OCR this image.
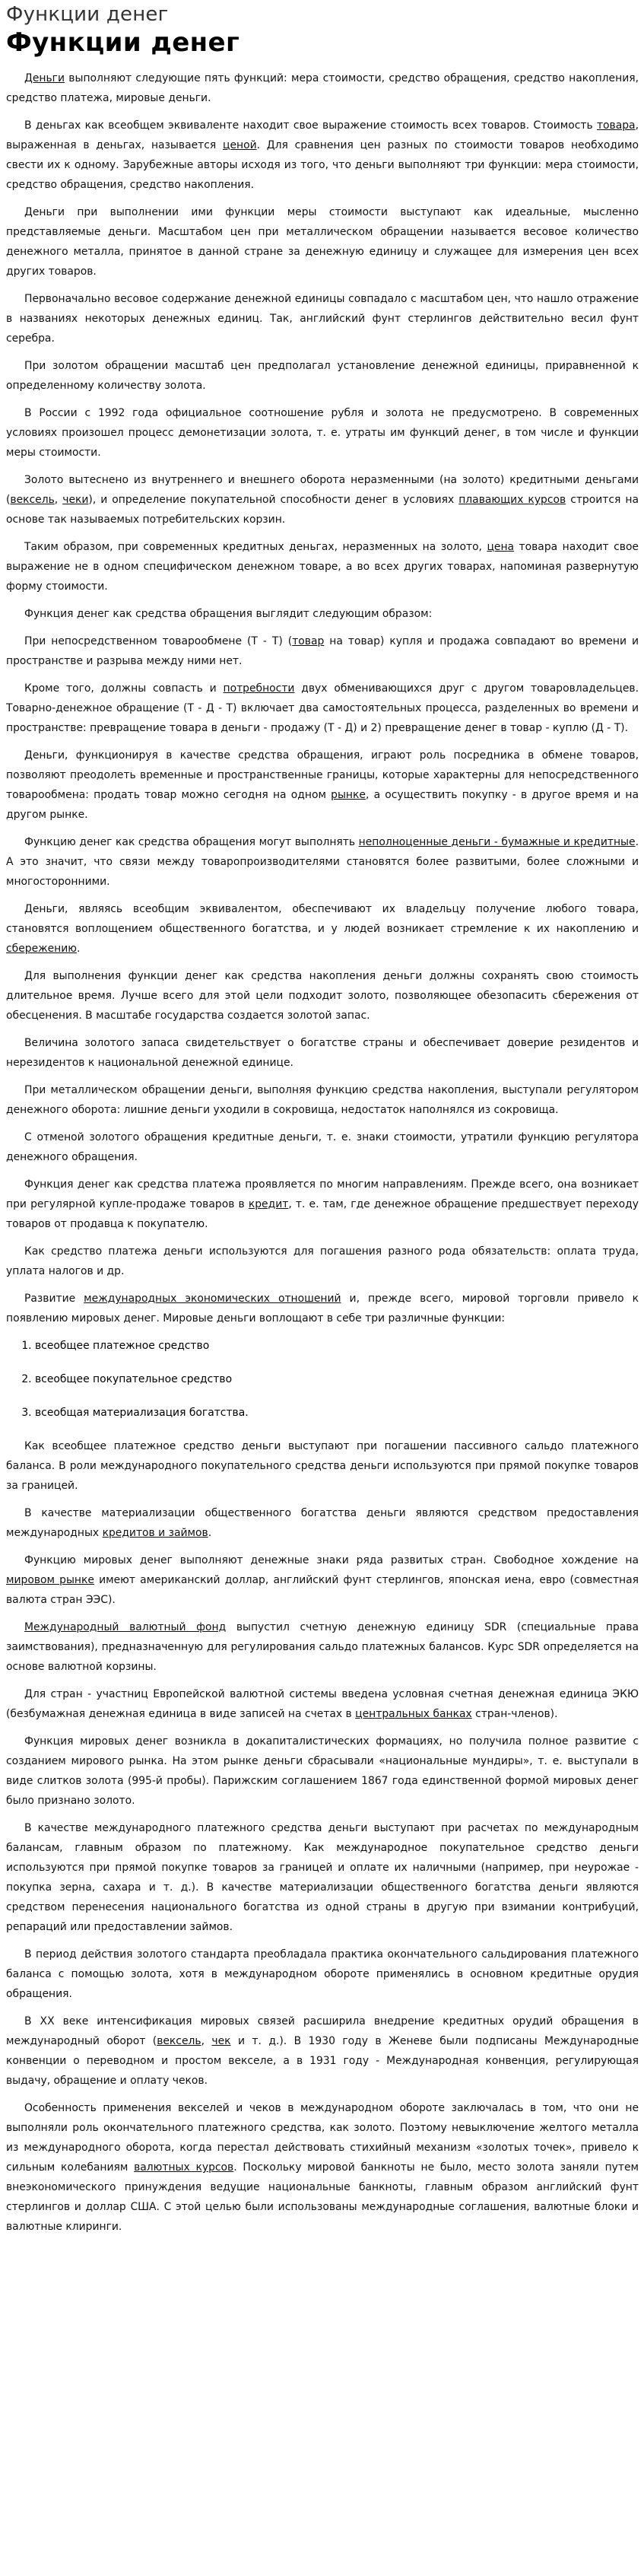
Функции денег
Функции денег

Деньги выполняют следующие пять функций: мера стоимости, средство обращения, средство накопления, средство платежа, мировые деньги.

В деньгах как всеобщем эквиваленте находит свое выражение стоимость всех товаров. Стоимость товара, выраженная в деньгах, называется ценой. Для сравнения цен разных по стоимости товаров необходимо свести их к одному. Зарубежные авторы исходя из того, что деньги выполняют три функции: мера стоимости, средство обращения, средство накопления.

Деньги при выполнении ими функции меры стоимости выступают как идеальные, мысленно представляемые деньги. Масштабом цен при металлическом обращении называется весовое количество денежного металла, принятое в данной стране за денежную единицу и служащее для измерения цен всех других товаров.

Первоначально весовое содержание денежной единицы совпадало с масштабом цен, что нашло отражение в названиях некоторых денежных единиц. Так, английский фунт стерлингов действительно весил фунт серебра.

При золотом обращении масштаб цен предполагал установление денежной единицы, приравненной к определенному количеству золота.

В России с 1992 года официальное соотношение рубля и золота не предусмотрено. В современных условиях произошел процесс демонетизации золота, т. е. утраты им функций денег, в том числе и функции меры стоимости.

Золото вытеснено из внутреннего и внешнего оборота неразменными (на золото) кредитными деньгами (вексель, чеки), и определение покупательной способности денег в условиях плавающих курсов строится на основе так называемых потребительских корзин.

Таким образом, при современных кредитных деньгах, неразменных на золото, цена товара находит свое выражение не в одном специфическом денежном товаре, а во всех других товарах, напоминая развернутую форму стоимости.

Функция денег как средства обращения выглядит следующим образом:

При непосредственном товарообмене (Т - Т) (товар на товар) купля и продажа совпадают во времени и пространстве и разрыва между ними нет.

Кроме того, должны совпасть и потребности двух обменивающихся друг с другом товаровладельцев. Товарно-денежное обращение (Т - Д - Т) включает два самостоятельных процесса, разделенных во времени и пространстве: превращение товара в деньги - продажу (Т - Д) и 2) превращение денег в товар - куплю (Д - Т).

Деньги, функционируя в качестве средства обращения, играют роль посредника в обмене товаров, позволяют преодолеть временные и пространственные границы, которые характерны для непосредственного товарообмена: продать товар можно сегодня на одном рынке, а осуществить покупку - в другое время и на другом рынке.

Функцию денег как средства обращения могут выполнять неполноценные деньги - бумажные и кредитные. А это значит, что связи между товаропроизводителями становятся более развитыми, более сложными и многосторонними.

Деньги, являясь всеобщим эквивалентом, обеспечивают их владельцу получение любого товара, становятся воплощением общественного богатства, и у людей возникает стремление к их накоплению и сбережению.

Для выполнения функции денег как средства накопления деньги должны сохранять свою стоимость длительное время. Лучше всего для этой цели подходит золото, позволяющее обезопасить сбережения от обесценения. В масштабе государства создается золотой запас.

Величина золотого запаса свидетельствует о богатстве страны и обеспечивает доверие резидентов и нерезидентов к национальной денежной единице.

При металлическом обращении деньги, выполняя функцию средства накопления, выступали регулятором денежного оборота: лишние деньги уходили в сокровища, недостаток наполнялся из сокровища.

С отменой золотого обращения кредитные деньги, т. е. знаки стоимости, утратили функцию регулятора денежного обращения.

Функция денег как средства платежа проявляется по многим направлениям. Прежде всего, она возникает при регулярной купле-продаже товаров в кредит, т. е. там, где денежное обращение предшествует переходу товаров от продавца к покупателю.

Как средство платежа деньги используются для погашения разного рода обязательств: оплата труда, уплата налогов и др.

Развитие международных экономических отношений и, прежде всего, мировой торговли привело к появлению мировых денег. Мировые деньги воплощают в себе три различные функции:

1. всеобщее платежное средство
2. всеобщее покупательное средство
3. всеобщая материализация богатства.

Как всеобщее платежное средство деньги выступают при погашении пассивного сальдо платежного баланса. В роли международного покупательного средства деньги используются при прямой покупке товаров за границей.

В качестве материализации общественного богатства деньги являются средством предоставления международных кредитов и займов.

Функцию мировых денег выполняют денежные знаки ряда развитых стран. Свободное хождение на мировом рынке имеют американский доллар, английский фунт стерлингов, японская иена, евро (совместная валюта стран ЭЭС).

Международный валютный фонд выпустил счетную денежную единицу SDR (специальные права заимствования), предназначенную для регулирования сальдо платежных балансов. Курс SDR определяется на основе валютной корзины.

Для стран - участниц Европейской валютной системы введена условная счетная денежная единица ЭКЮ (безбумажная денежная единица в виде записей на счетах в центральных банках стран-членов).

Функция мировых денег возникла в докапиталистических формациях, но получила полное развитие с созданием мирового рынка. На этом рынке деньги сбрасывали «национальные мундиры», т. е. выступали в виде слитков золота (995-й пробы). Парижским соглашением 1867 года единственной формой мировых денег было признано золото.

В качестве международного платежного средства деньги выступают при расчетах по международным балансам, главным образом по платежному. Как международное покупательное средство деньги используются при прямой покупке товаров за границей и оплате их наличными (например, при неурожае - покупка зерна, сахара и т. д.). В качестве материализации общественного богатства деньги являются средством перенесения национального богатства из одной страны в другую при взимании контрибуций, репараций или предоставлении займов.

В период действия золотого стандарта преобладала практика окончательного сальдирования платежного баланса с помощью золота, хотя в международном обороте применялись в основном кредитные орудия обращения.

В XX веке интенсификация мировых связей расширила внедрение кредитных орудий обращения в международный оборот (вексель, чек и т. д.). В 1930 году в Женеве были подписаны Международные конвенции о переводном и простом векселе, а в 1931 году - Международная конвенция, регулирующая выдачу, обращение и оплату чеков.

Особенность применения векселей и чеков в международном обороте заключалась в том, что они не выполняли роль окончательного платежного средства, как золото. Поэтому невыключение желтого металла из международного оборота, когда перестал действовать стихийный механизм «золотых точек», привело к сильным колебаниям валютных курсов. Поскольку мировой банкноты не было, место золота заняли путем внеэкономического принуждения ведущие национальные банкноты, главным образом английский фунт стерлингов и доллар США. С этой целью были использованы международные соглашения, валютные блоки и валютные клиринги.
